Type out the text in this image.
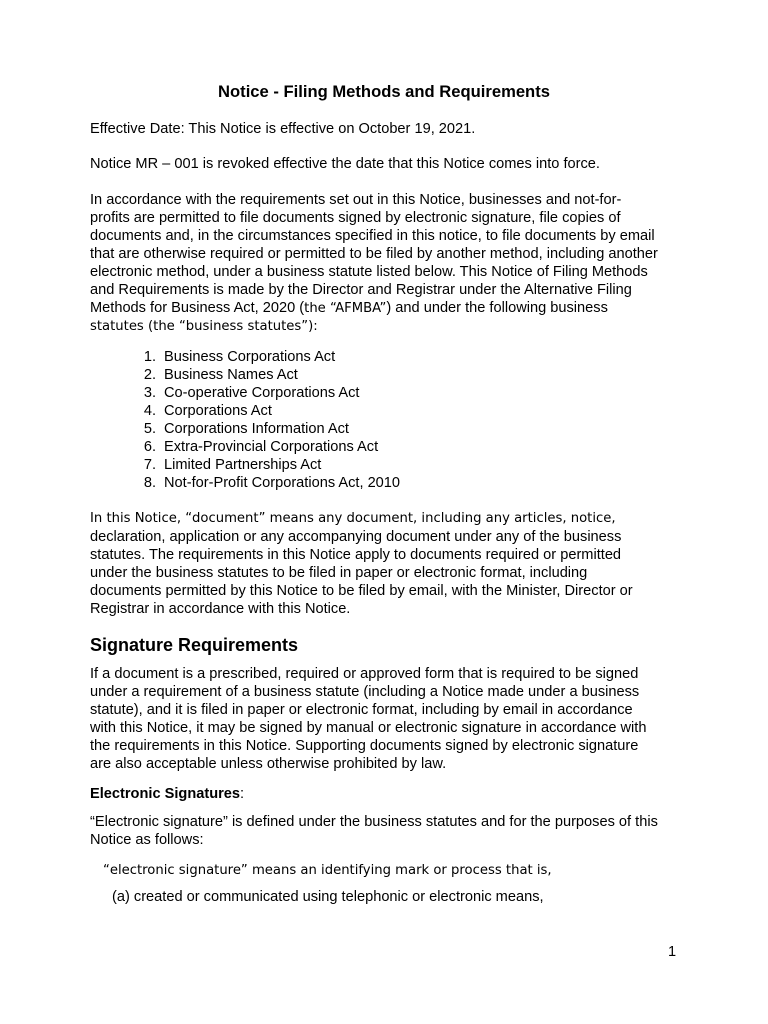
Notice - Filing Methods and Requirements

Effective Date: This Notice is effective on October 19, 2021.

Notice MR – 001 is revoked effective the date that this Notice comes into force.

In accordance with the requirements set out in this Notice, businesses and not-for-
profits are permitted to file documents signed by electronic signature, file copies of
documents and, in the circumstances specified in this notice, to file documents by email
that are otherwise required or permitted to be filed by another method, including another
electronic method, under a business statute listed below. This Notice of Filing Methods
and Requirements is made by the Director and Registrar under the Alternative Filing
Methods for Business Act, 2020 (the “AFMBA”) and under the following business
statutes (the “business statutes”):
1. Business Corporations Act
2. Business Names Act
3. Co-operative Corporations Act
4. Corporations Act
5. Corporations Information Act
6. Extra-Provincial Corporations Act
7. Limited Partnerships Act
8. Not-for-Profit Corporations Act, 2010
In this Notice, “document” means any document, including any articles, notice,
declaration, application or any accompanying document under any of the business
statutes. The requirements in this Notice apply to documents required or permitted
under the business statutes to be filed in paper or electronic format, including
documents permitted by this Notice to be filed by email, with the Minister, Director or
Registrar in accordance with this Notice.
Signature Requirements
If a document is a prescribed, required or approved form that is required to be signed
under a requirement of a business statute (including a Notice made under a business
statute), and it is filed in paper or electronic format, including by email in accordance
with this Notice, it may be signed by manual or electronic signature in accordance with
the requirements in this Notice. Supporting documents signed by electronic signature
are also acceptable unless otherwise prohibited by law.
Electronic Signatures:
“Electronic signature” is defined under the business statutes and for the purposes of this
Notice as follows:
“electronic signature” means an identifying mark or process that is,
(a) created or communicated using telephonic or electronic means,
1
